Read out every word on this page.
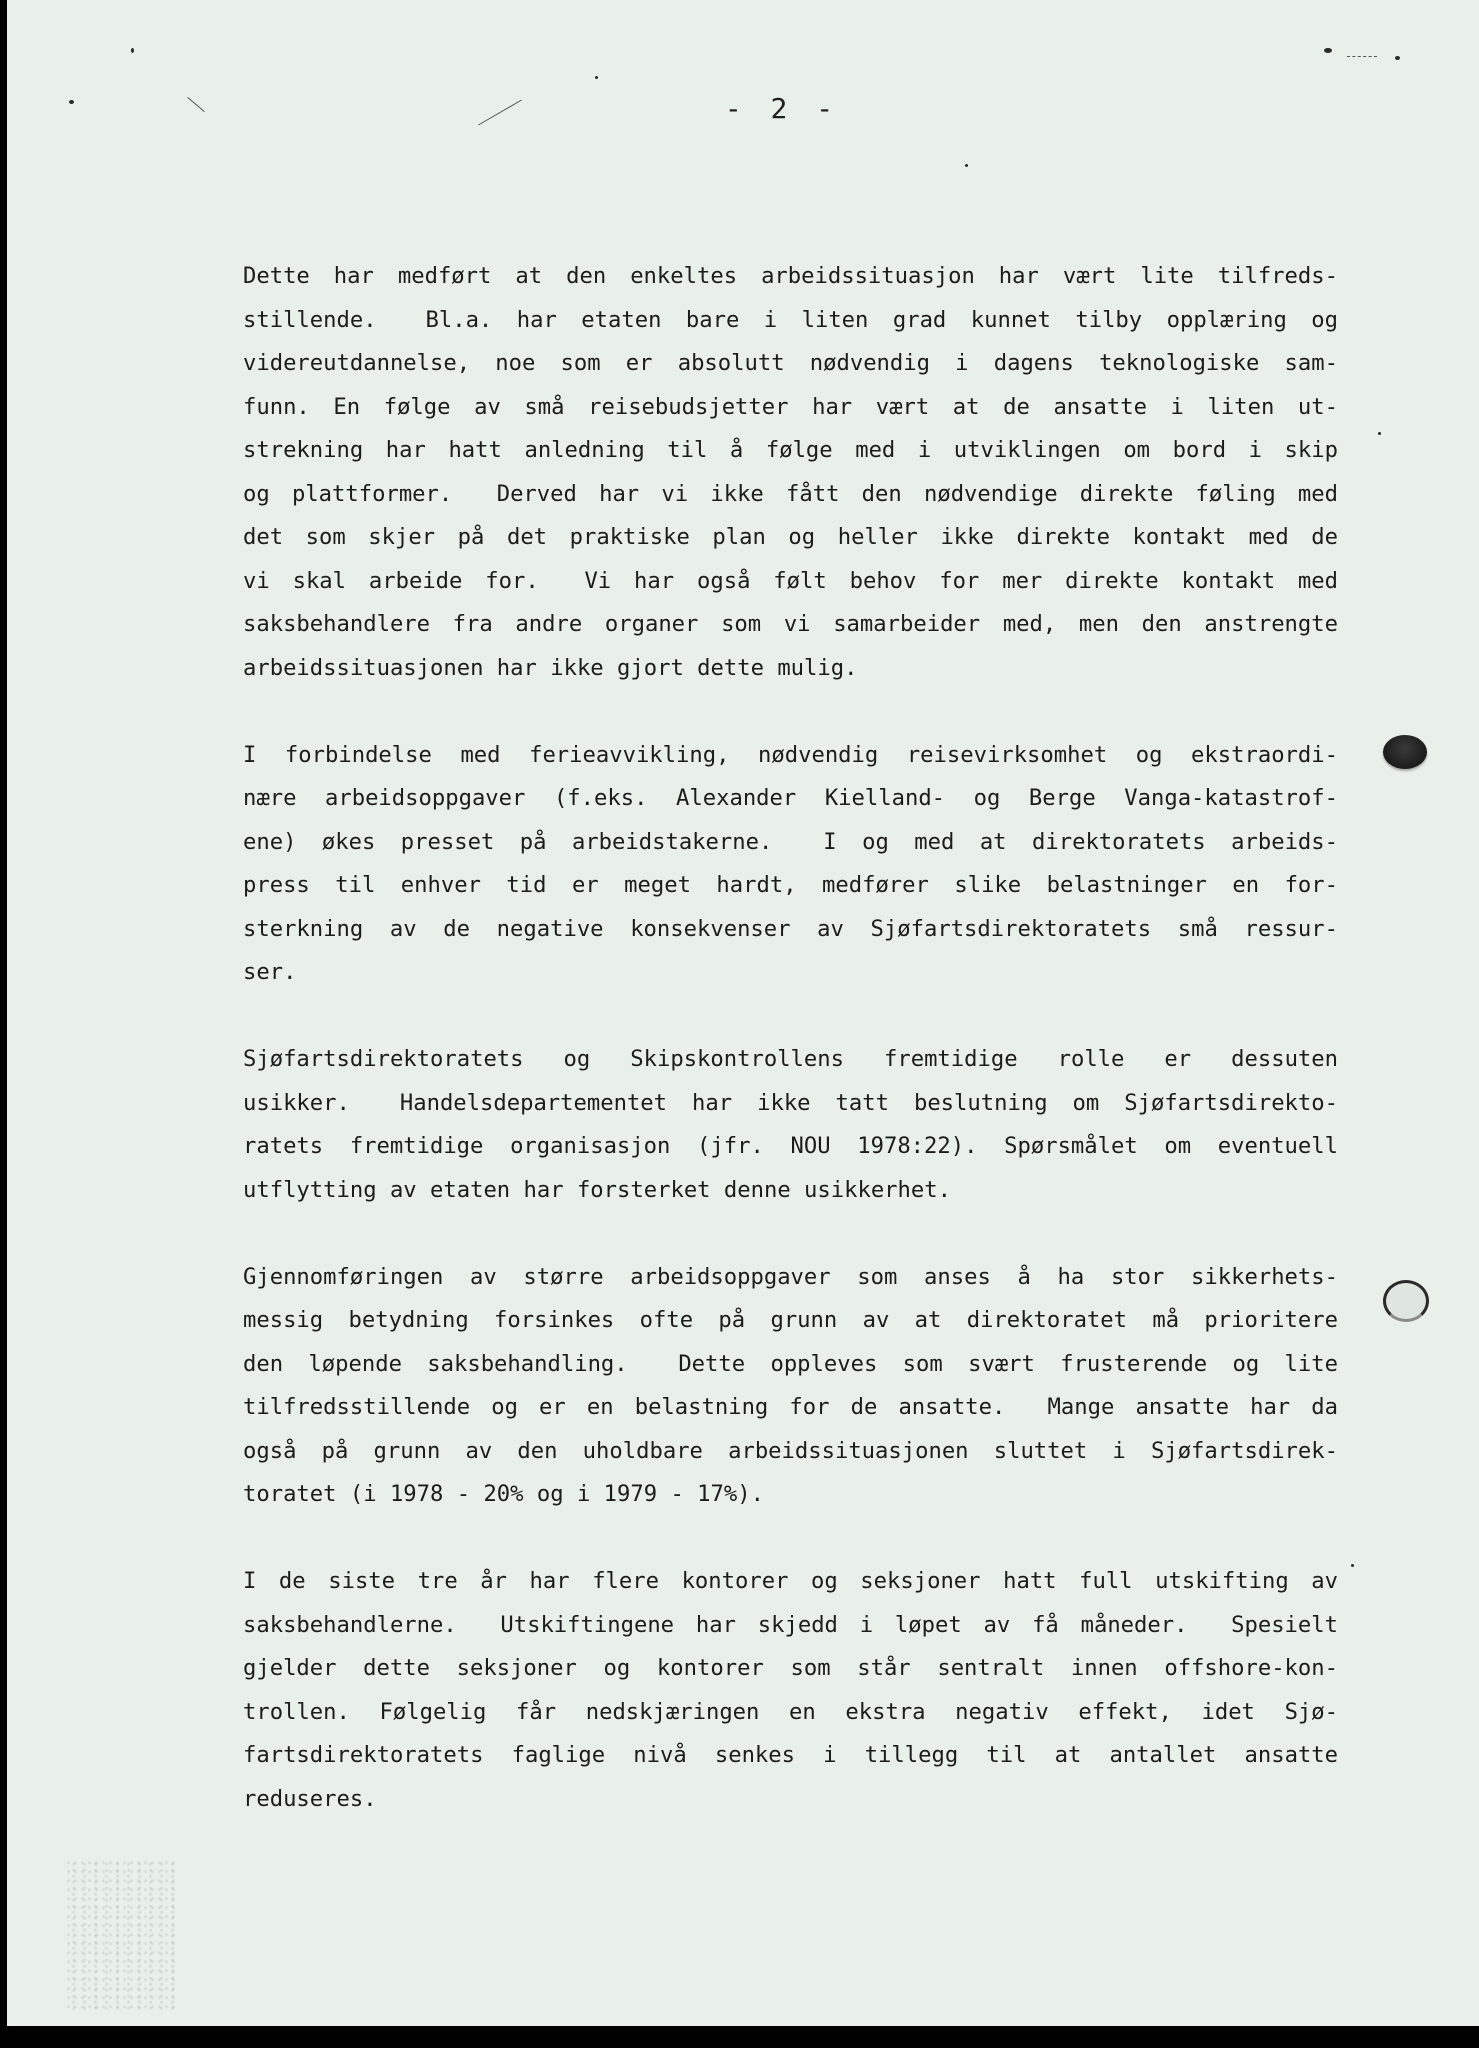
- 2 -
Dette har medført at den enkeltes arbeidssituasjon har vært lite tilfreds-
stillende.  Bl.a. har etaten bare i liten grad kunnet tilby opplæring og
videreutdannelse, noe som er absolutt nødvendig i dagens teknologiske sam-
funn. En følge av små reisebudsjetter har vært at de ansatte i liten ut-
strekning har hatt anledning til å følge med i utviklingen om bord i skip
og plattformer.  Derved har vi ikke fått den nødvendige direkte føling med
det som skjer på det praktiske plan og heller ikke direkte kontakt med de
vi skal arbeide for.  Vi har også følt behov for mer direkte kontakt med
saksbehandlere fra andre organer som vi samarbeider med, men den anstrengte
arbeidssituasjonen har ikke gjort dette mulig.
I forbindelse med ferieavvikling, nødvendig reisevirksomhet og ekstraordi-
nære arbeidsoppgaver (f.eks. Alexander Kielland- og Berge Vanga-katastrof-
ene) økes presset på arbeidstakerne.  I og med at direktoratets arbeids-
press til enhver tid er meget hardt, medfører slike belastninger en for-
sterkning av de negative konsekvenser av Sjøfartsdirektoratets små ressur-
ser.
Sjøfartsdirektoratets og Skipskontrollens fremtidige rolle er dessuten
usikker.  Handelsdepartementet har ikke tatt beslutning om Sjøfartsdirekto-
ratets fremtidige organisasjon (jfr. NOU 1978:22). Spørsmålet om eventuell
utflytting av etaten har forsterket denne usikkerhet.
Gjennomføringen av større arbeidsoppgaver som anses å ha stor sikkerhets-
messig betydning forsinkes ofte på grunn av at direktoratet må prioritere
den løpende saksbehandling.  Dette oppleves som svært frusterende og lite
tilfredsstillende og er en belastning for de ansatte.  Mange ansatte har da
også på grunn av den uholdbare arbeidssituasjonen sluttet i Sjøfartsdirek-
toratet (i 1978 - 20% og i 1979 - 17%).
I de siste tre år har flere kontorer og seksjoner hatt full utskifting av
saksbehandlerne.  Utskiftingene har skjedd i løpet av få måneder.  Spesielt
gjelder dette seksjoner og kontorer som står sentralt innen offshore-kon-
trollen. Følgelig får nedskjæringen en ekstra negativ effekt, idet Sjø-
fartsdirektoratets faglige nivå senkes i tillegg til at antallet ansatte
reduseres.
